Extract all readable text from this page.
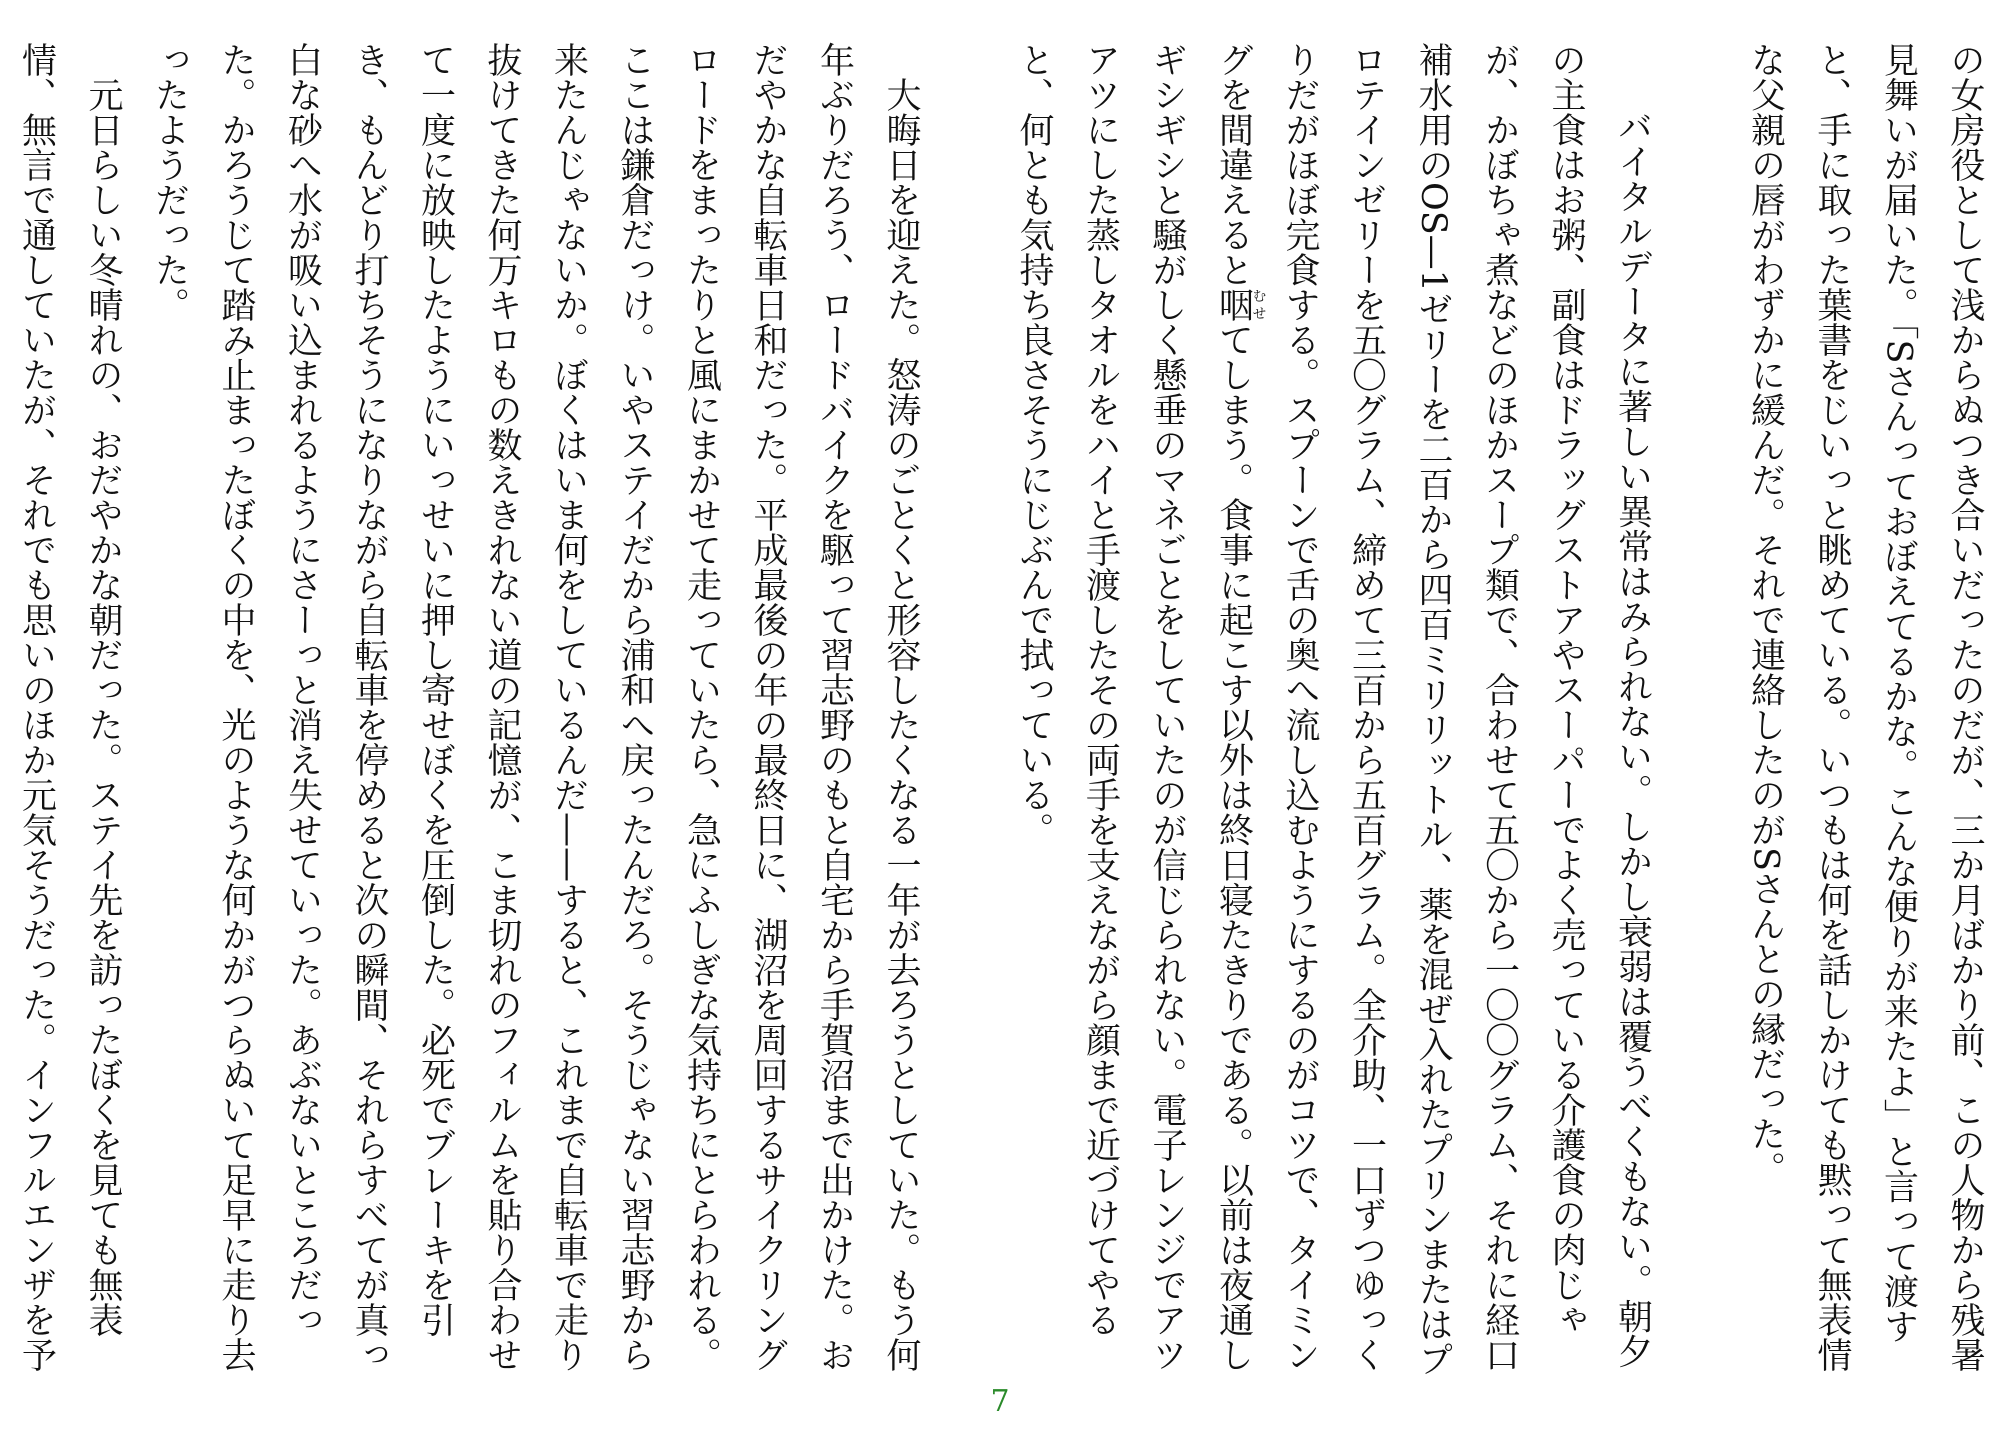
の女房役として浅からぬつき合いだったのだが、三か月ばかり前、この人物から残暑見舞いが届いた。「Sさんっておぼえてるかな。こんな便りが来たよ」と言って渡すと、手に取った葉書をじいっと眺めている。いつもは何を話しかけても黙って無表情な父親の唇がわずかに緩んだ。それで連絡したのがSさんとの縁だった。

バイタルデータに著しい異常はみられない。しかし衰弱は覆うべくもない。朝夕の主食はお粥、副食はドラッグストアやスーパーでよく売っている介護食の肉じゃが、かぼちゃ煮などのほかスープ類で、合わせて五〇から一〇〇グラム、それに経口補水用のOS—1ゼリーを二百から四百ミリリットル、薬を混ぜ入れたプリンまたはプロテインゼリーを五〇グラム、締めて三百から五百グラム。全介助、一口ずつゆっくりだがほぼ完食する。スプーンで舌の奥へ流し込むようにするのがコツで、タイミングを間違えると咽むせてしまう。食事に起こす以外は終日寝たきりである。以前は夜通しギシギシと騒がしく懸垂のマネごとをしていたのが信じられない。電子レンジでアツアツにした蒸しタオルをハイと手渡したその両手を支えながら顔まで近づけてやると、何とも気持ち良さそうにじぶんで拭っている。

大晦日を迎えた。怒涛のごとくと形容したくなる一年が去ろうとしていた。もう何年ぶりだろう、ロードバイクを駆って習志野のもと自宅から手賀沼まで出かけた。おだやかな自転車日和だった。平成最後の年の最終日に、湖沼を周回するサイクリングロードをまったりと風にまかせて走っていたら、急にふしぎな気持ちにとらわれる。ここは鎌倉だっけ。いやステイだから浦和へ戻ったんだろ。そうじゃない習志野から来たんじゃないか。ぼくはいま何をしているんだ——すると、これまで自転車で走り抜けてきた何万キロもの数えきれない道の記憶が、こま切れのフィルムを貼り合わせて一度に放映したようにいっせいに押し寄せぼくを圧倒した。必死でブレーキを引き、もんどり打ちそうになりながら自転車を停めると次の瞬間、それらすべてが真っ白な砂へ水が吸い込まれるようにさーっと消え失せていった。あぶないところだった。かろうじて踏み止まったぼくの中を、光のような何かがつらぬいて足早に走り去ったようだった。

元日らしい冬晴れの、おだやかな朝だった。ステイ先を訪ったぼくを見ても無表情、無言で通していたが、それでも思いのほか元気そうだった。インフルエンザを予

7
